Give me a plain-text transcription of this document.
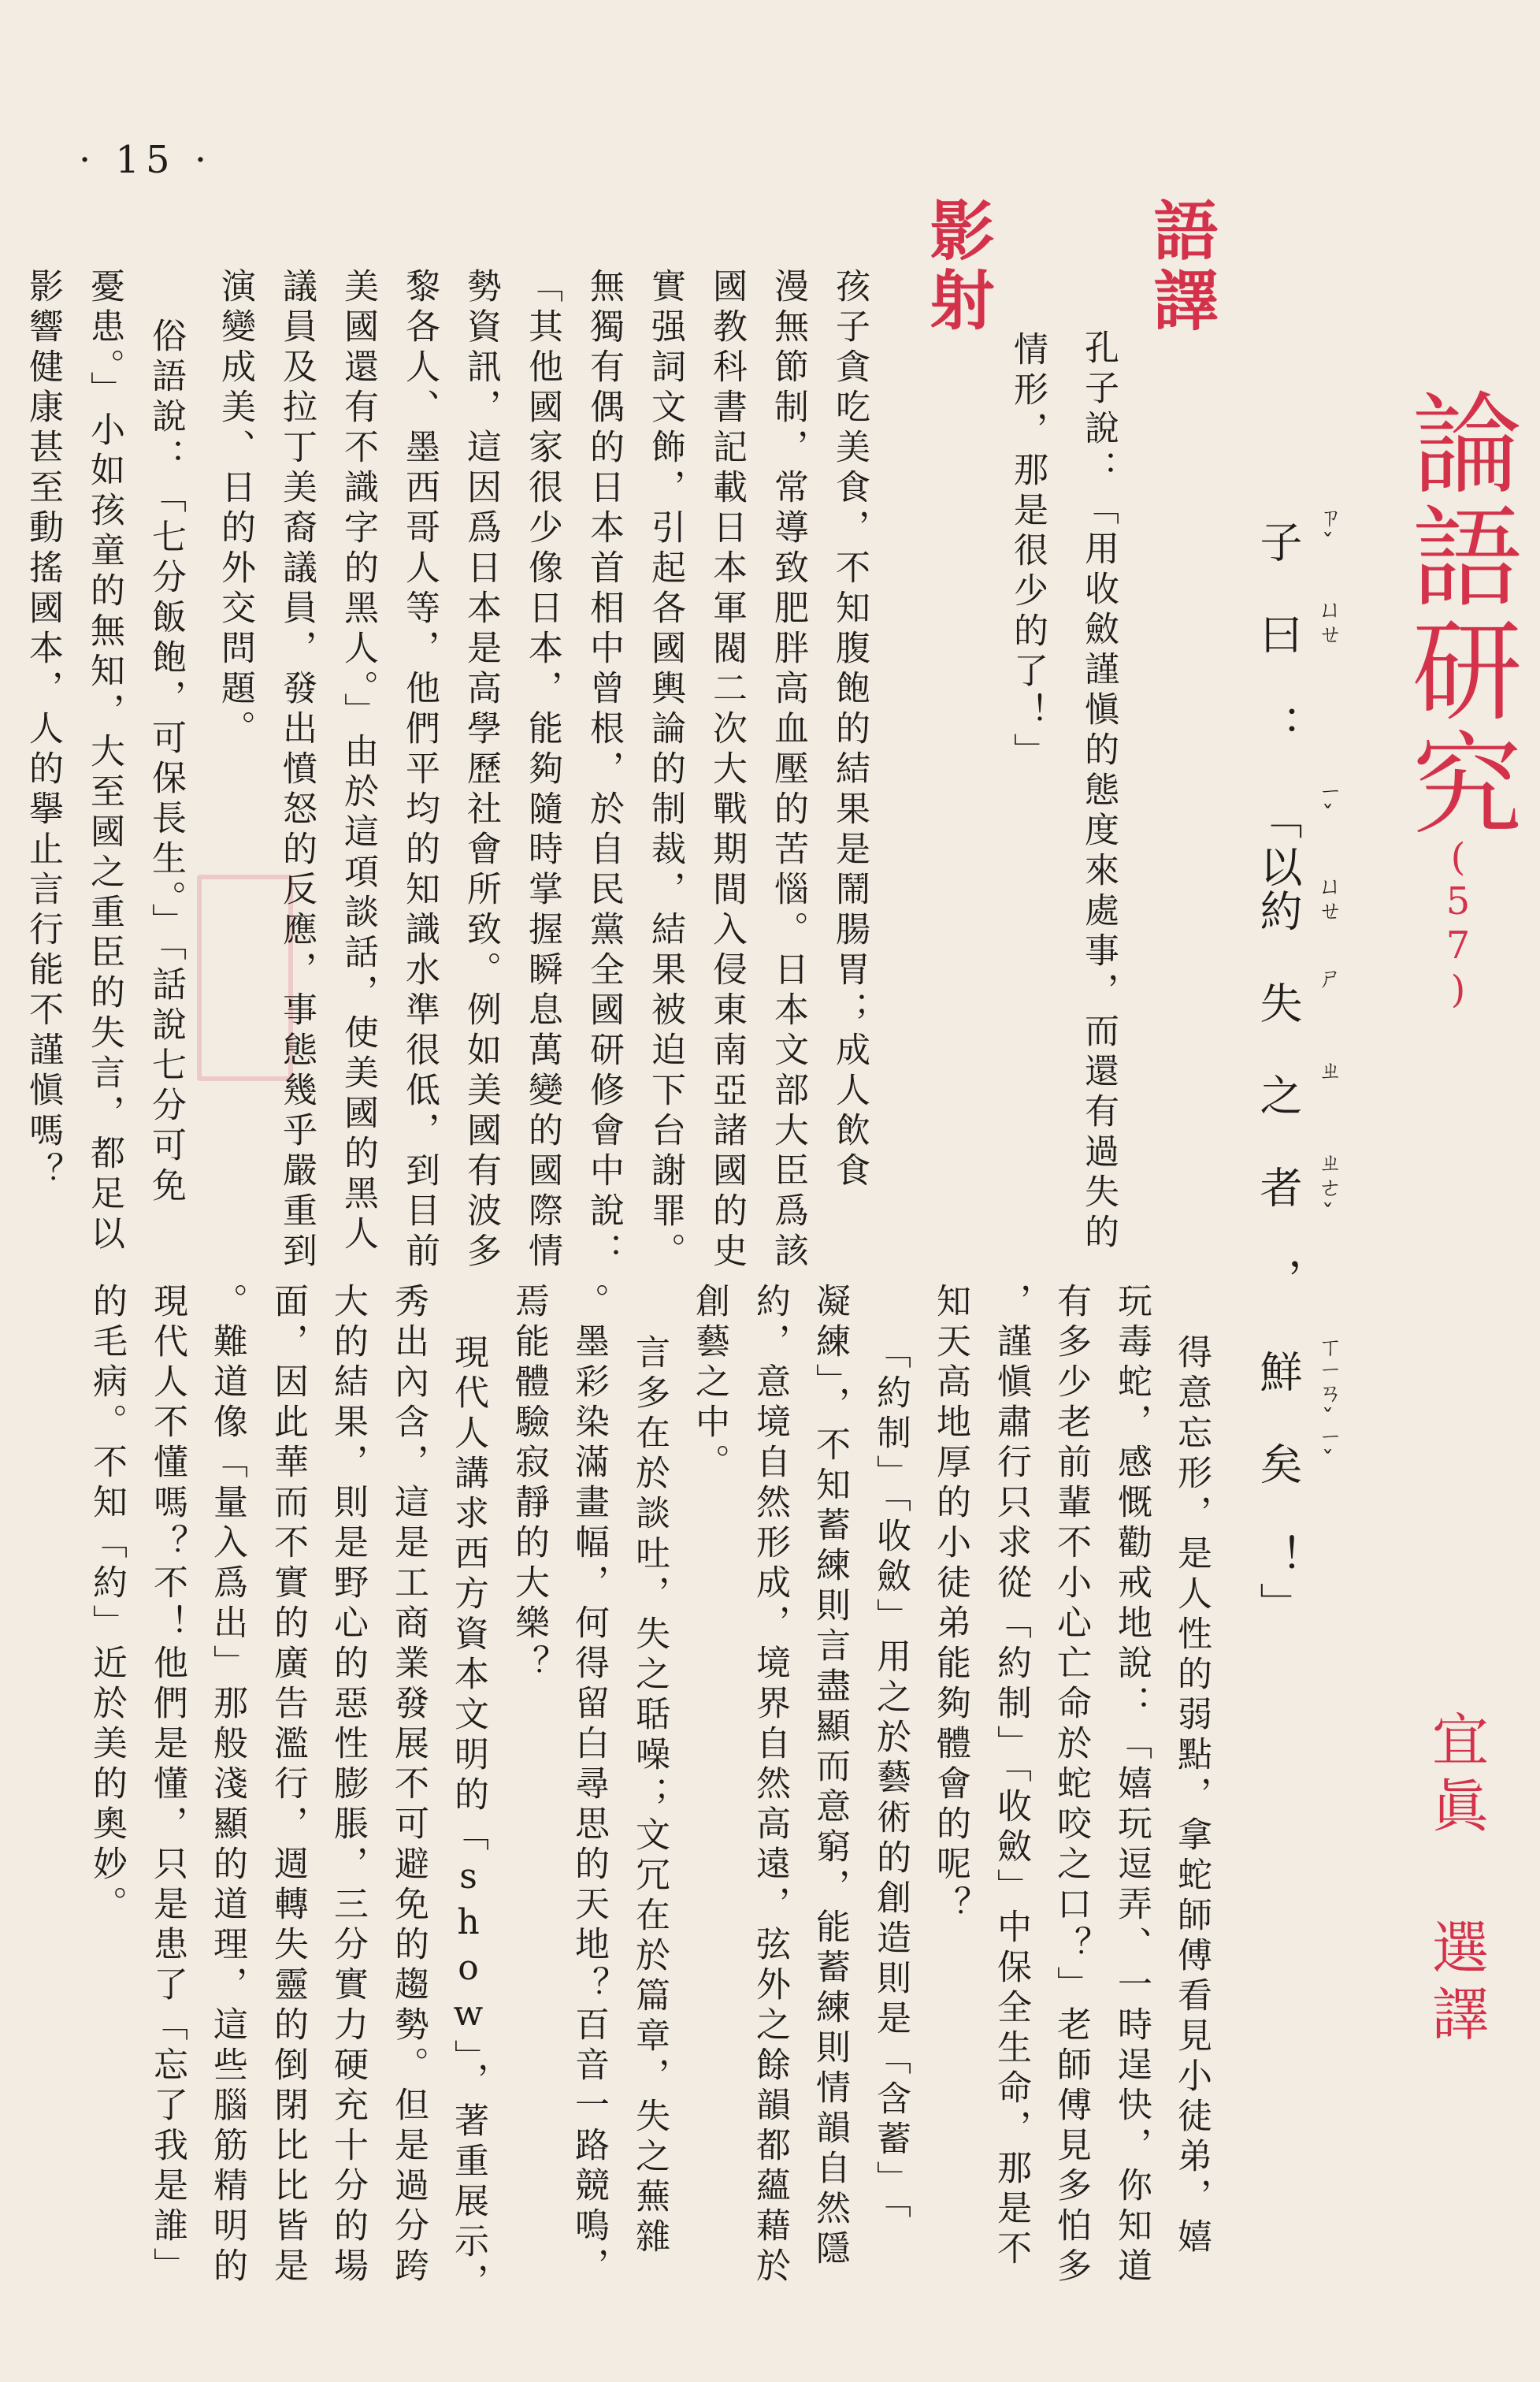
· 15 ·
論語研究
(57)
宜眞 選譯
子 ㄗˇ
曰 ㄩㄝ
：
「以 ㄧˇ
約 ㄩㄝ
失
ㄕ
之
ㄓ
者 ㄓㄜˇ
，
鮮 ㄒㄧㄢˇ
矣 ㄧˇ
！」
語譯
孔子說：「用收斂謹愼的態度來處事，而還有過失的
情形，那是很少的了！」
影射
孩子貪吃美食，不知腹飽的結果是鬧腸胃；成人飲食
漫無節制，常導致肥胖高血壓的苦惱。日本文部大臣爲該
國教科書記載日本軍閥二次大戰期間入侵東南亞諸國的史
實强詞文飾，引起各國輿論的制裁，結果被迫下台謝罪。
無獨有偶的日本首相中曾根，於自民黨全國研修會中說：
「其他國家很少像日本，能夠隨時掌握瞬息萬變的國際情
勢資訊，這因爲日本是高學歷社會所致。例如美國有波多
黎各人、墨西哥人等，他們平均的知識水準很低，到目前
美國還有不識字的黑人。」由於這項談話，使美國的黑人
議員及拉丁美裔議員，發出憤怒的反應，事態幾乎嚴重到
演變成美、日的外交問題。
俗語說：「七分飯飽，可保長生。」「話說七分可免
憂患。」小如孩童的無知，大至國之重臣的失言，都足以
影響健康甚至動搖國本，人的擧止言行能不謹愼嗎？
得意忘形，是人性的弱點，拿蛇師傅看見小徒弟，嬉
玩毒蛇，感慨勸戒地說：「嬉玩逗弄、一時逞快，你知道
有多少老前輩不小心亡命於蛇咬之口？」老師傅見多怕多
，謹愼肅行只求從「約制」「收斂」中保全生命，那是不
知天高地厚的小徒弟能夠體會的呢？
「約制」「收斂」用之於藝術的創造則是「含蓄」「
凝練」，不知蓄練則言盡顯而意窮，能蓄練則情韻自然隱
約，意境自然形成，境界自然高遠，弦外之餘韻都蘊藉於
創藝之中。
言多在於談吐，失之聒噪；文冗在於篇章，失之蕪雜
。墨彩染滿畫幅，何得留白尋思的天地？百音一路競鳴，
焉能體驗寂靜的大樂？
現代人講求西方資本文明的「show」，著重展示，
秀出內含，這是工商業發展不可避免的趨勢。但是過分跨
大的結果，則是野心的惡性膨脹，三分實力硬充十分的場
面，因此華而不實的廣告濫行，週轉失靈的倒閉比比皆是
。難道像「量入爲出」那般淺顯的道理，這些腦筋精明的
現代人不懂嗎？不！他們是懂，只是患了「忘了我是誰」
的毛病。不知「約」近於美的奧妙。
